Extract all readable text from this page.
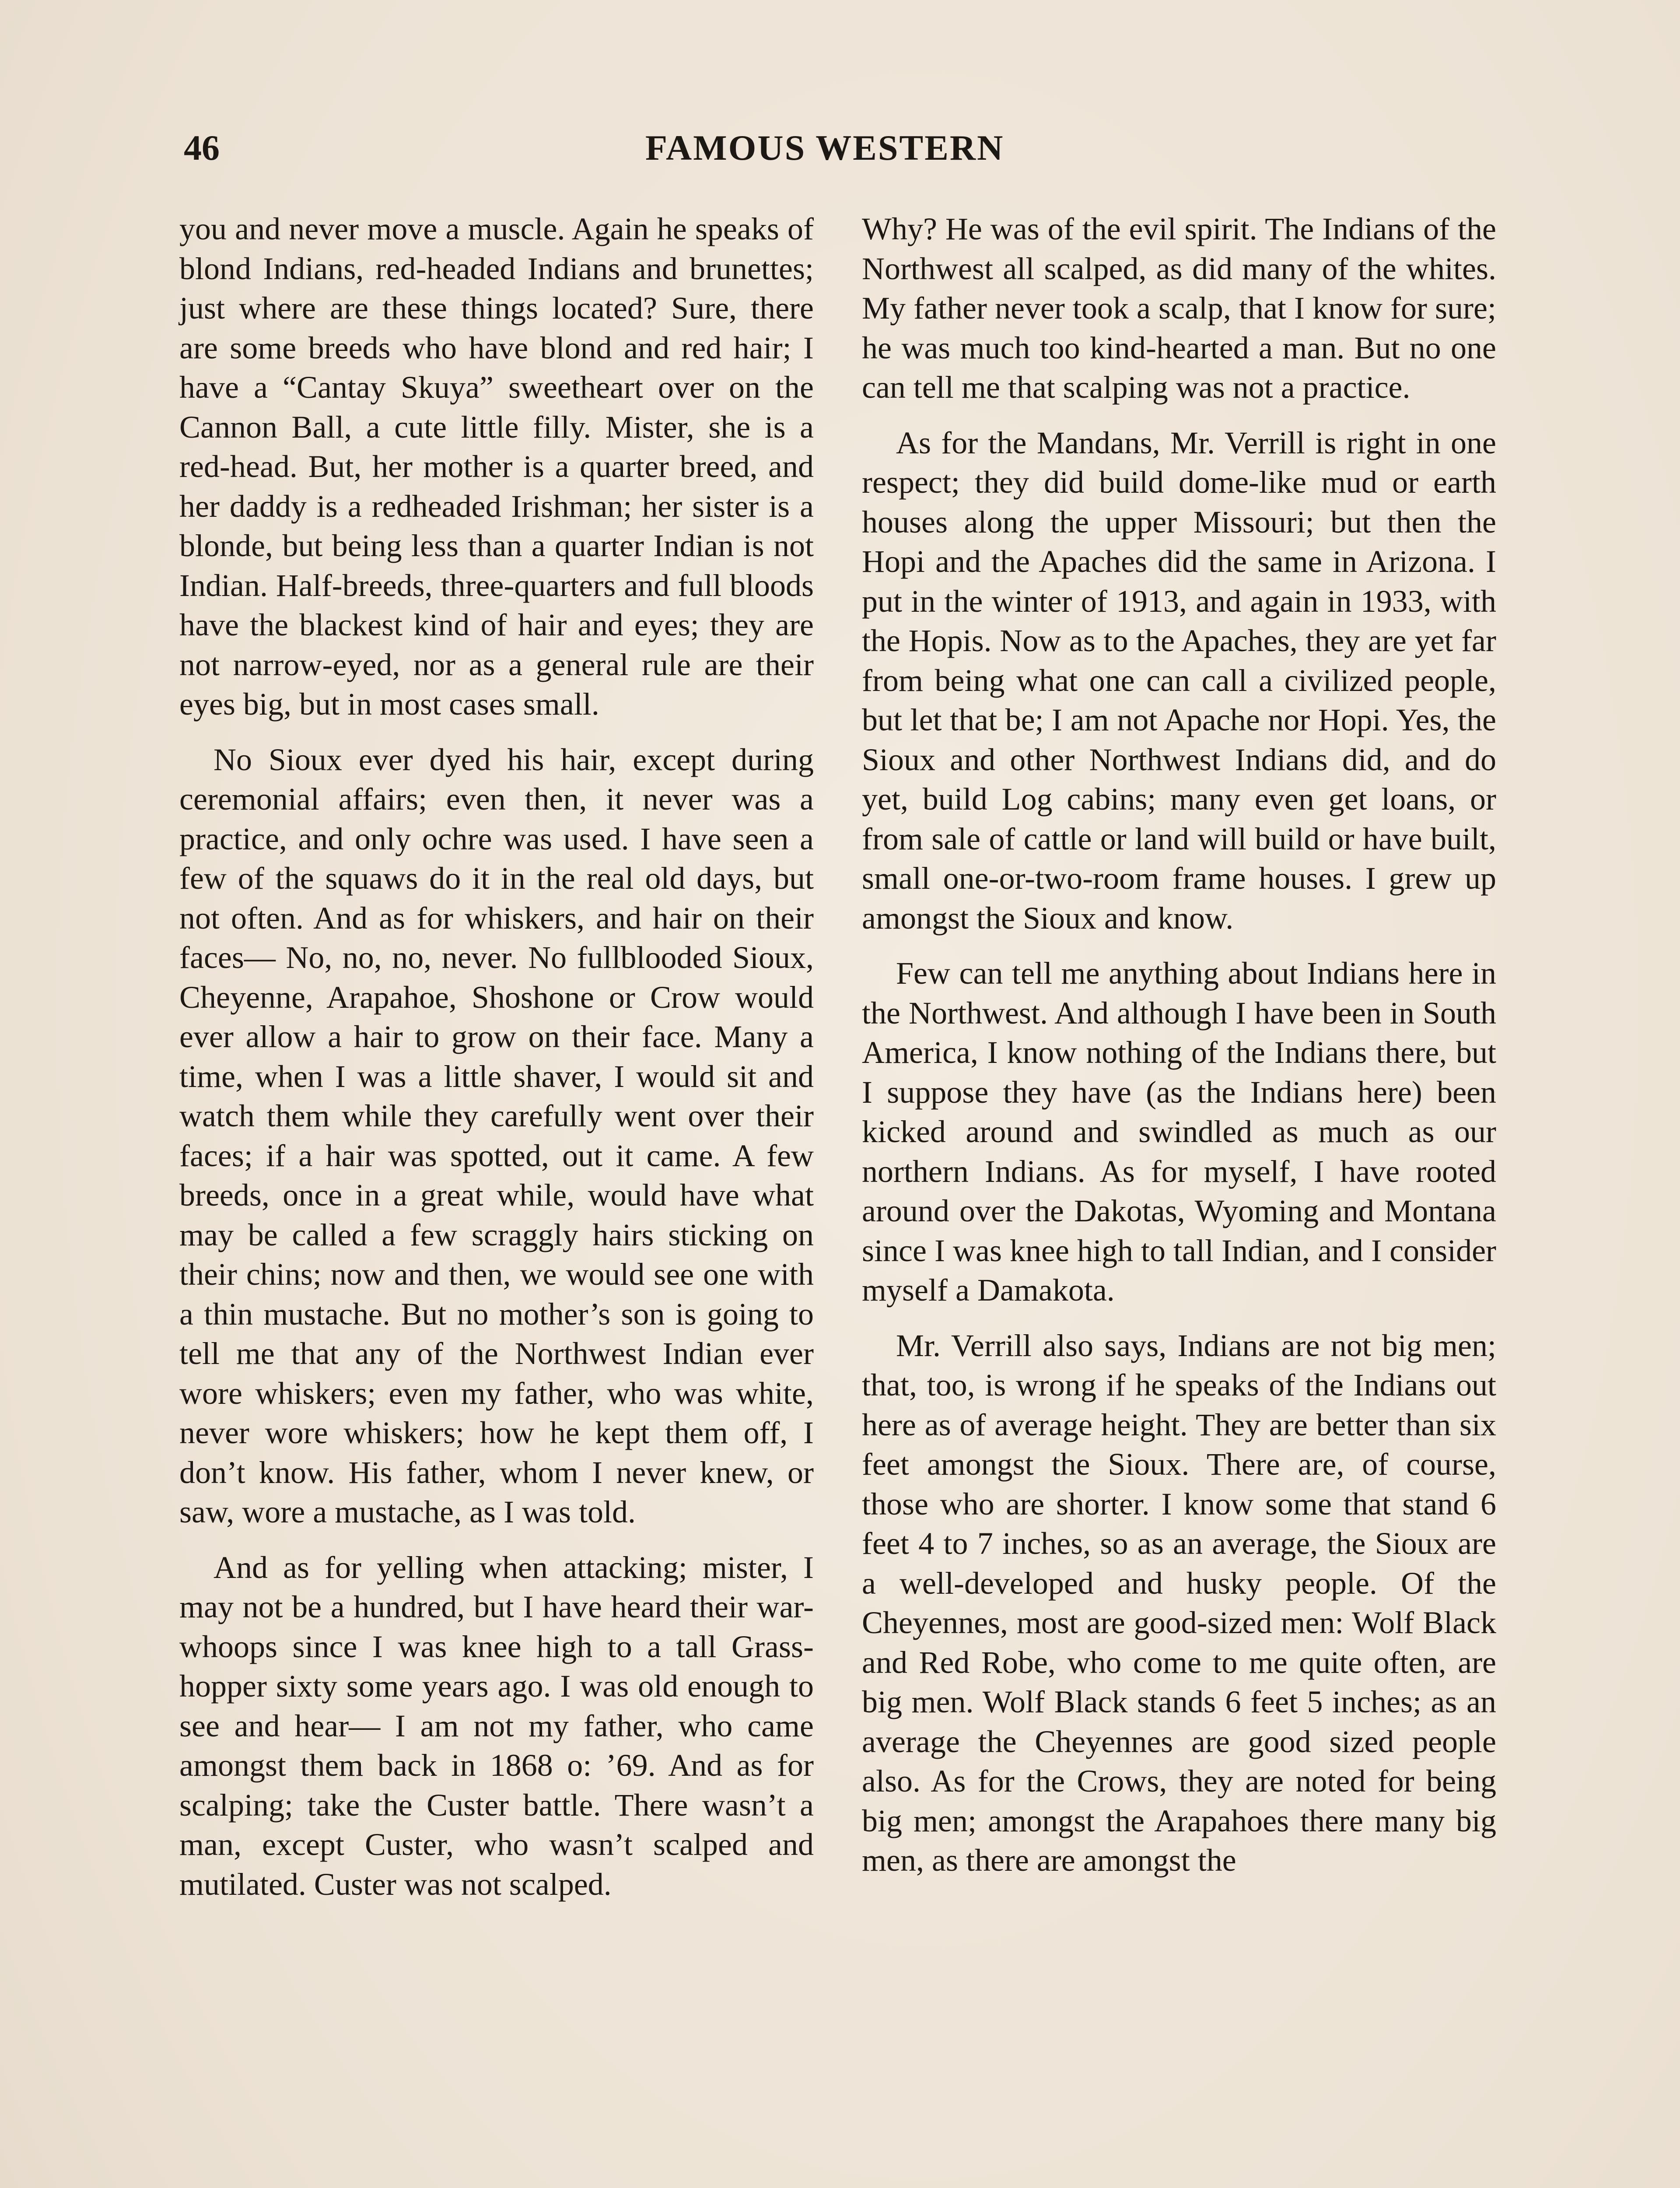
46	FAMOUS WESTERN

you and never move a muscle. Again he speaks of blond Indians, red-headed Indians and brunettes; just where are these things located? Sure, there are some breeds who have blond and red hair; I have a “Cantay Skuya” sweetheart over on the Cannon Ball, a cute little filly. Mister, she is a red-head. But, her mother is a quarter breed, and her daddy is a redheaded Irishman; her sister is a blonde, but being less than a quarter Indian is not Indian. Half-breeds, three-quarters and full bloods have the blackest kind of hair and eyes; they are not narrow-eyed, nor as a general rule are their eyes big, but in most cases small.

No Sioux ever dyed his hair, except during ceremonial affairs; even then, it never was a practice, and only ochre was used. I have seen a few of the squaws do it in the real old days, but not often. And as for whiskers, and hair on their faces— No, no, no, never. No fullblooded Sioux, Cheyenne, Arapahoe, Shoshone or Crow would ever allow a hair to grow on their face. Many a time, when I was a little shaver, I would sit and watch them while they carefully went over their faces; if a hair was spotted, out it came. A few breeds, once in a great while, would have what may be called a few scraggly hairs sticking on their chins; now and then, we would see one with a thin mustache. But no mother’s son is going to tell me that any of the Northwest Indian ever wore whiskers; even my father, who was white, never wore whiskers; how he kept them off, I don’t know. His father, whom I never knew, or saw, wore a mustache, as I was told.

And as for yelling when attacking; mister, I may not be a hundred, but I have heard their war-whoops since I was knee high to a tall Grass-hopper sixty some years ago. I was old enough to see and hear— I am not my father, who came amongst them back in 1868 o: ’69. And as for scalping; take the Custer battle. There wasn’t a man, except Custer, who wasn’t scalped and mutilated. Custer was not scalped.

Why? He was of the evil spirit. The Indians of the Northwest all scalped, as did many of the whites. My father never took a scalp, that I know for sure; he was much too kind-hearted a man. But no one can tell me that scalping was not a practice.

As for the Mandans, Mr. Verrill is right in one respect; they did build dome-like mud or earth houses along the upper Missouri; but then the Hopi and the Apaches did the same in Arizona. I put in the winter of 1913, and again in 1933, with the Hopis. Now as to the Apaches, they are yet far from being what one can call a civilized people, but let that be; I am not Apache nor Hopi. Yes, the Sioux and other Northwest Indians did, and do yet, build Log cabins; many even get loans, or from sale of cattle or land will build or have built, small one-or-two-room frame houses. I grew up amongst the Sioux and know.

Few can tell me anything about Indians here in the Northwest. And although I have been in South America, I know nothing of the Indians there, but I suppose they have (as the Indians here) been kicked around and swindled as much as our northern Indians. As for myself, I have rooted around over the Dakotas, Wyoming and Montana since I was knee high to tall Indian, and I consider myself a Damakota.

Mr. Verrill also says, Indians are not big men; that, too, is wrong if he speaks of the Indians out here as of average height. They are better than six feet amongst the Sioux. There are, of course, those who are shorter. I know some that stand 6 feet 4 to 7 inches, so as an average, the Sioux are a well-developed and husky people. Of the Cheyennes, most are good-sized men: Wolf Black and Red Robe, who come to me quite often, are big men. Wolf Black stands 6 feet 5 inches; as an average the Cheyennes are good sized people also. As for the Crows, they are noted for being big men; amongst the Arapahoes there many big men, as there are amongst the
